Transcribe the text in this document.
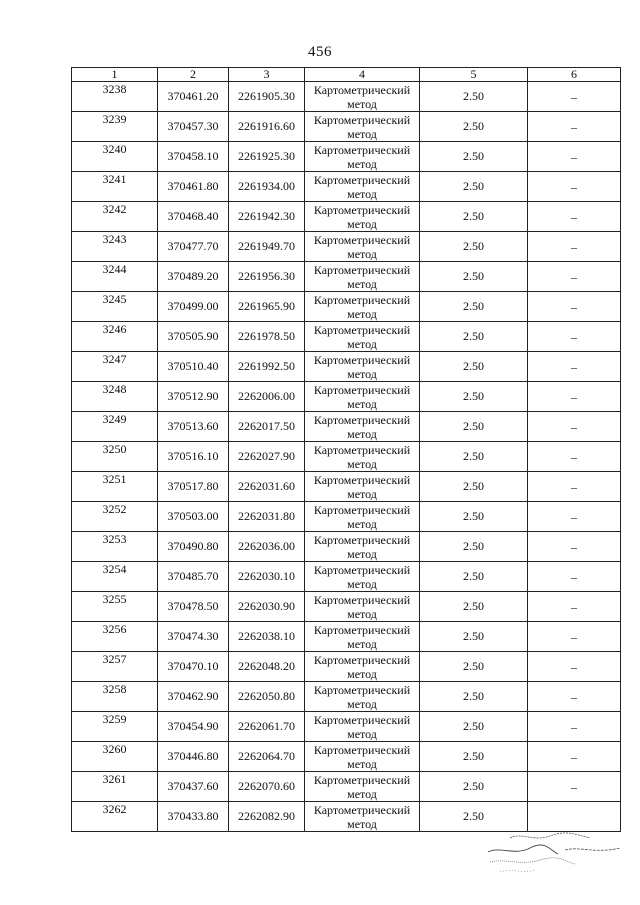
456
1	2	3	4	5	6

3238	370461.20	2261905.30	Картометрический
метод	2.50	–

3239	370457.30	2261916.60	Картометрический
метод	2.50	–

3240	370458.10	2261925.30	Картометрический
метод	2.50	–

3241	370461.80	2261934.00	Картометрический
метод	2.50	–

3242	370468.40	2261942.30	Картометрический
метод	2.50	–

3243	370477.70	2261949.70	Картометрический
метод	2.50	–

3244	370489.20	2261956.30	Картометрический
метод	2.50	–

3245	370499.00	2261965.90	Картометрический
метод	2.50	–

3246	370505.90	2261978.50	Картометрический
метод	2.50	–

3247	370510.40	2261992.50	Картометрический
метод	2.50	–

3248	370512.90	2262006.00	Картометрический
метод	2.50	–

3249	370513.60	2262017.50	Картометрический
метод	2.50	–

3250	370516.10	2262027.90	Картометрический
метод	2.50	–

3251	370517.80	2262031.60	Картометрический
метод	2.50	–

3252	370503.00	2262031.80	Картометрический
метод	2.50	–

3253	370490.80	2262036.00	Картометрический
метод	2.50	–

3254	370485.70	2262030.10	Картометрический
метод	2.50	–

3255	370478.50	2262030.90	Картометрический
метод	2.50	–

3256	370474.30	2262038.10	Картометрический
метод	2.50	–

3257	370470.10	2262048.20	Картометрический
метод	2.50	–

3258	370462.90	2262050.80	Картометрический
метод	2.50	–

3259	370454.90	2262061.70	Картометрический
метод	2.50	–

3260	370446.80	2262064.70	Картометрический
метод	2.50	–

3261	370437.60	2262070.60	Картометрический
метод	2.50	–

3262	370433.80	2262082.90	Картометрический
метод	2.50	
